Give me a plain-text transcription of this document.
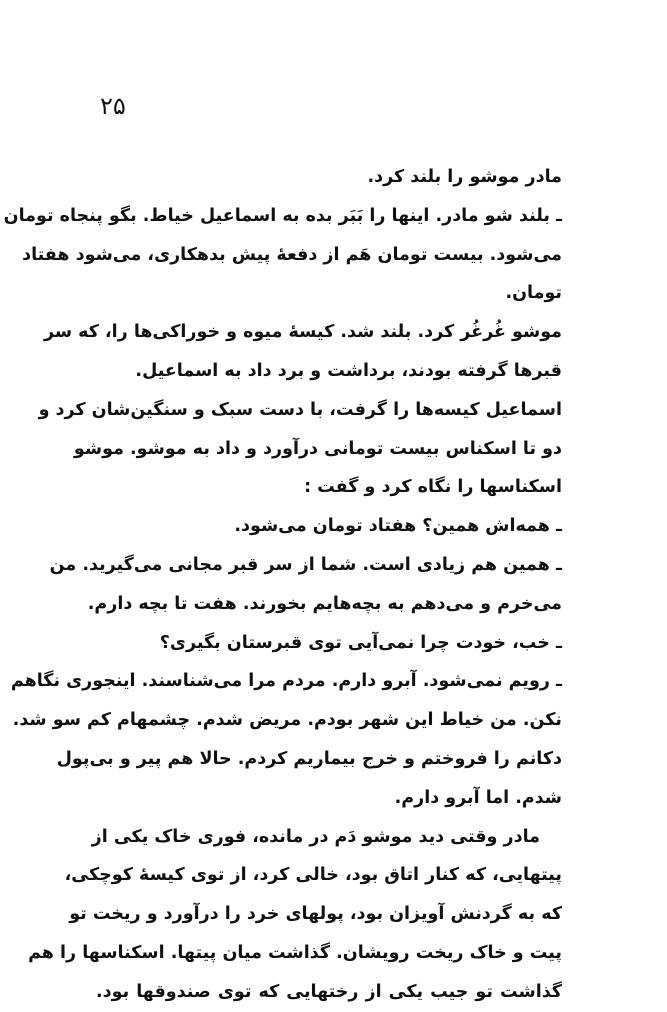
۲۵
مادر موشو را بلند کرد.
ـ بلند شو مادر. اینها را بَبَر بده به اسماعیل خیاط. بگو پنجاه تومان
می‌شود. بیست تومان هَم از دفعهٔ پیش بدهکاری، می‌شود هفتاد
تومان.
موشو غُرغُر کرد. بلند شد. کیسهٔ میوه و خوراکی‌ها را، که سر
قبرها گرفته بودند، برداشت و برد داد به اسماعیل.
اسماعیل کیسه‌ها را گرفت، با دست سبک و سنگین‌شان کرد و
دو تا اسکناس بیست تومانی درآورد و داد به موشو. موشو
اسکناسها را نگاه کرد و گفت :
ـ همه‌اش همین؟ هفتاد تومان می‌شود.
ـ همین هم زیادی است. شما از سر قبر مجانی می‌گیرید. من
می‌خرم و می‌دهم به بچه‌هایم بخورند. هفت تا بچه دارم.
ـ خب، خودت چرا نمی‌آیی توی قبرستان بگیری؟
ـ رویم نمی‌شود. آبرو دارم. مردم مرا می‌شناسند. اینجوری نگاهم
نکن. من خیاط این شهر بودم. مریض شدم. چشمهام کم سو شد.
دکانم را فروختم و خرج بیماریم کردم. حالا هم پیر و بی‌پول
شدم. اما آبرو دارم.
مادر وقتی دید موشو دَم در مانده، فوری خاک یکی از
پیتهایی، که کنار اتاق بود، خالی کرد، از توی کیسهٔ کوچکی،
که به گردنش آویزان بود، پولهای خرد را درآورد و ریخت تو
پیت و خاک ریخت رویشان. گذاشت میان پیتها. اسکناسها را هم
گذاشت تو جیب یکی از رختهایی که توی صندوقها بود.
